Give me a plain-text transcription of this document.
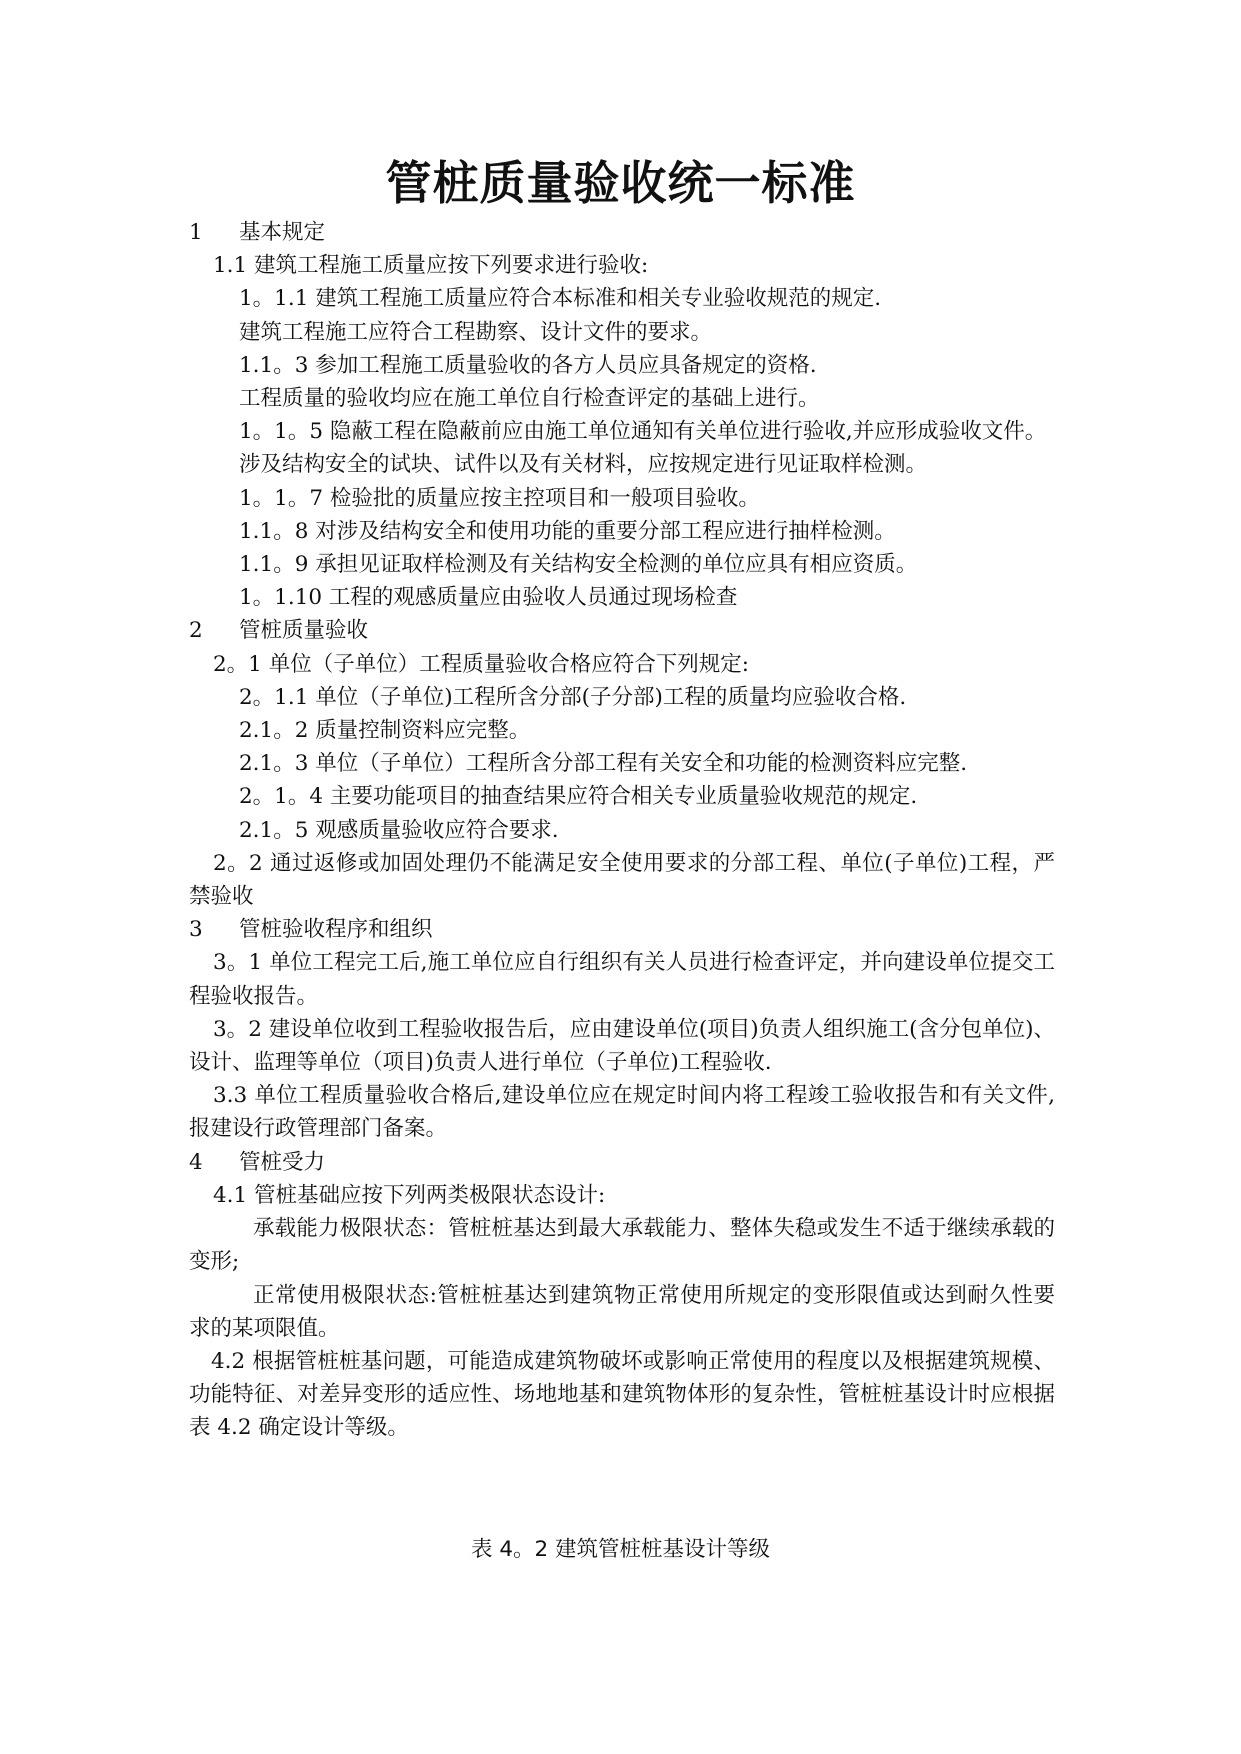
管桩质量验收统一标准

1 基本规定

1.1 建筑工程施工质量应按下列要求进行验收:

1。1.1 建筑工程施工质量应符合本标准和相关专业验收规范的规定.

建筑工程施工应符合工程勘察、设计文件的要求。

1.1。3 参加工程施工质量验收的各方人员应具备规定的资格.

工程质量的验收均应在施工单位自行检查评定的基础上进行。

1。1。5 隐蔽工程在隐蔽前应由施工单位通知有关单位进行验收,并应形成验收文件。

涉及结构安全的试块、试件以及有关材料，应按规定进行见证取样检测。

1。1。7 检验批的质量应按主控项目和一般项目验收。

1.1。8 对涉及结构安全和使用功能的重要分部工程应进行抽样检测。

1.1。9 承担见证取样检测及有关结构安全检测的单位应具有相应资质。

1。1.10 工程的观感质量应由验收人员通过现场检查

2 管桩质量验收

2。1 单位（子单位）工程质量验收合格应符合下列规定:

2。1.1 单位（子单位)工程所含分部(子分部)工程的质量均应验收合格.

2.1。2 质量控制资料应完整。

2.1。3 单位（子单位）工程所含分部工程有关安全和功能的检测资料应完整.

2。1。4 主要功能项目的抽查结果应符合相关专业质量验收规范的规定.

2.1。5 观感质量验收应符合要求.

2。2 通过返修或加固处理仍不能满足安全使用要求的分部工程、单位(子单位)工程，严禁验收

3 管桩验收程序和组织

3。1 单位工程完工后,施工单位应自行组织有关人员进行检查评定，并向建设单位提交工程验收报告。

3。2 建设单位收到工程验收报告后，应由建设单位(项目)负责人组织施工(含分包单位)、设计、监理等单位（项目)负责人进行单位（子单位)工程验收.

3.3 单位工程质量验收合格后,建设单位应在规定时间内将工程竣工验收报告和有关文件,报建设行政管理部门备案。

4 管桩受力

4.1 管桩基础应按下列两类极限状态设计:

承载能力极限状态：管桩桩基达到最大承载能力、整体失稳或发生不适于继续承载的变形;

正常使用极限状态:管桩桩基达到建筑物正常使用所规定的变形限值或达到耐久性要求的某项限值。

4.2 根据管桩桩基问题，可能造成建筑物破坏或影响正常使用的程度以及根据建筑规模、功能特征、对差异变形的适应性、场地地基和建筑物体形的复杂性，管桩桩基设计时应根据表 4.2 确定设计等级。

表 4。2 建筑管桩桩基设计等级
